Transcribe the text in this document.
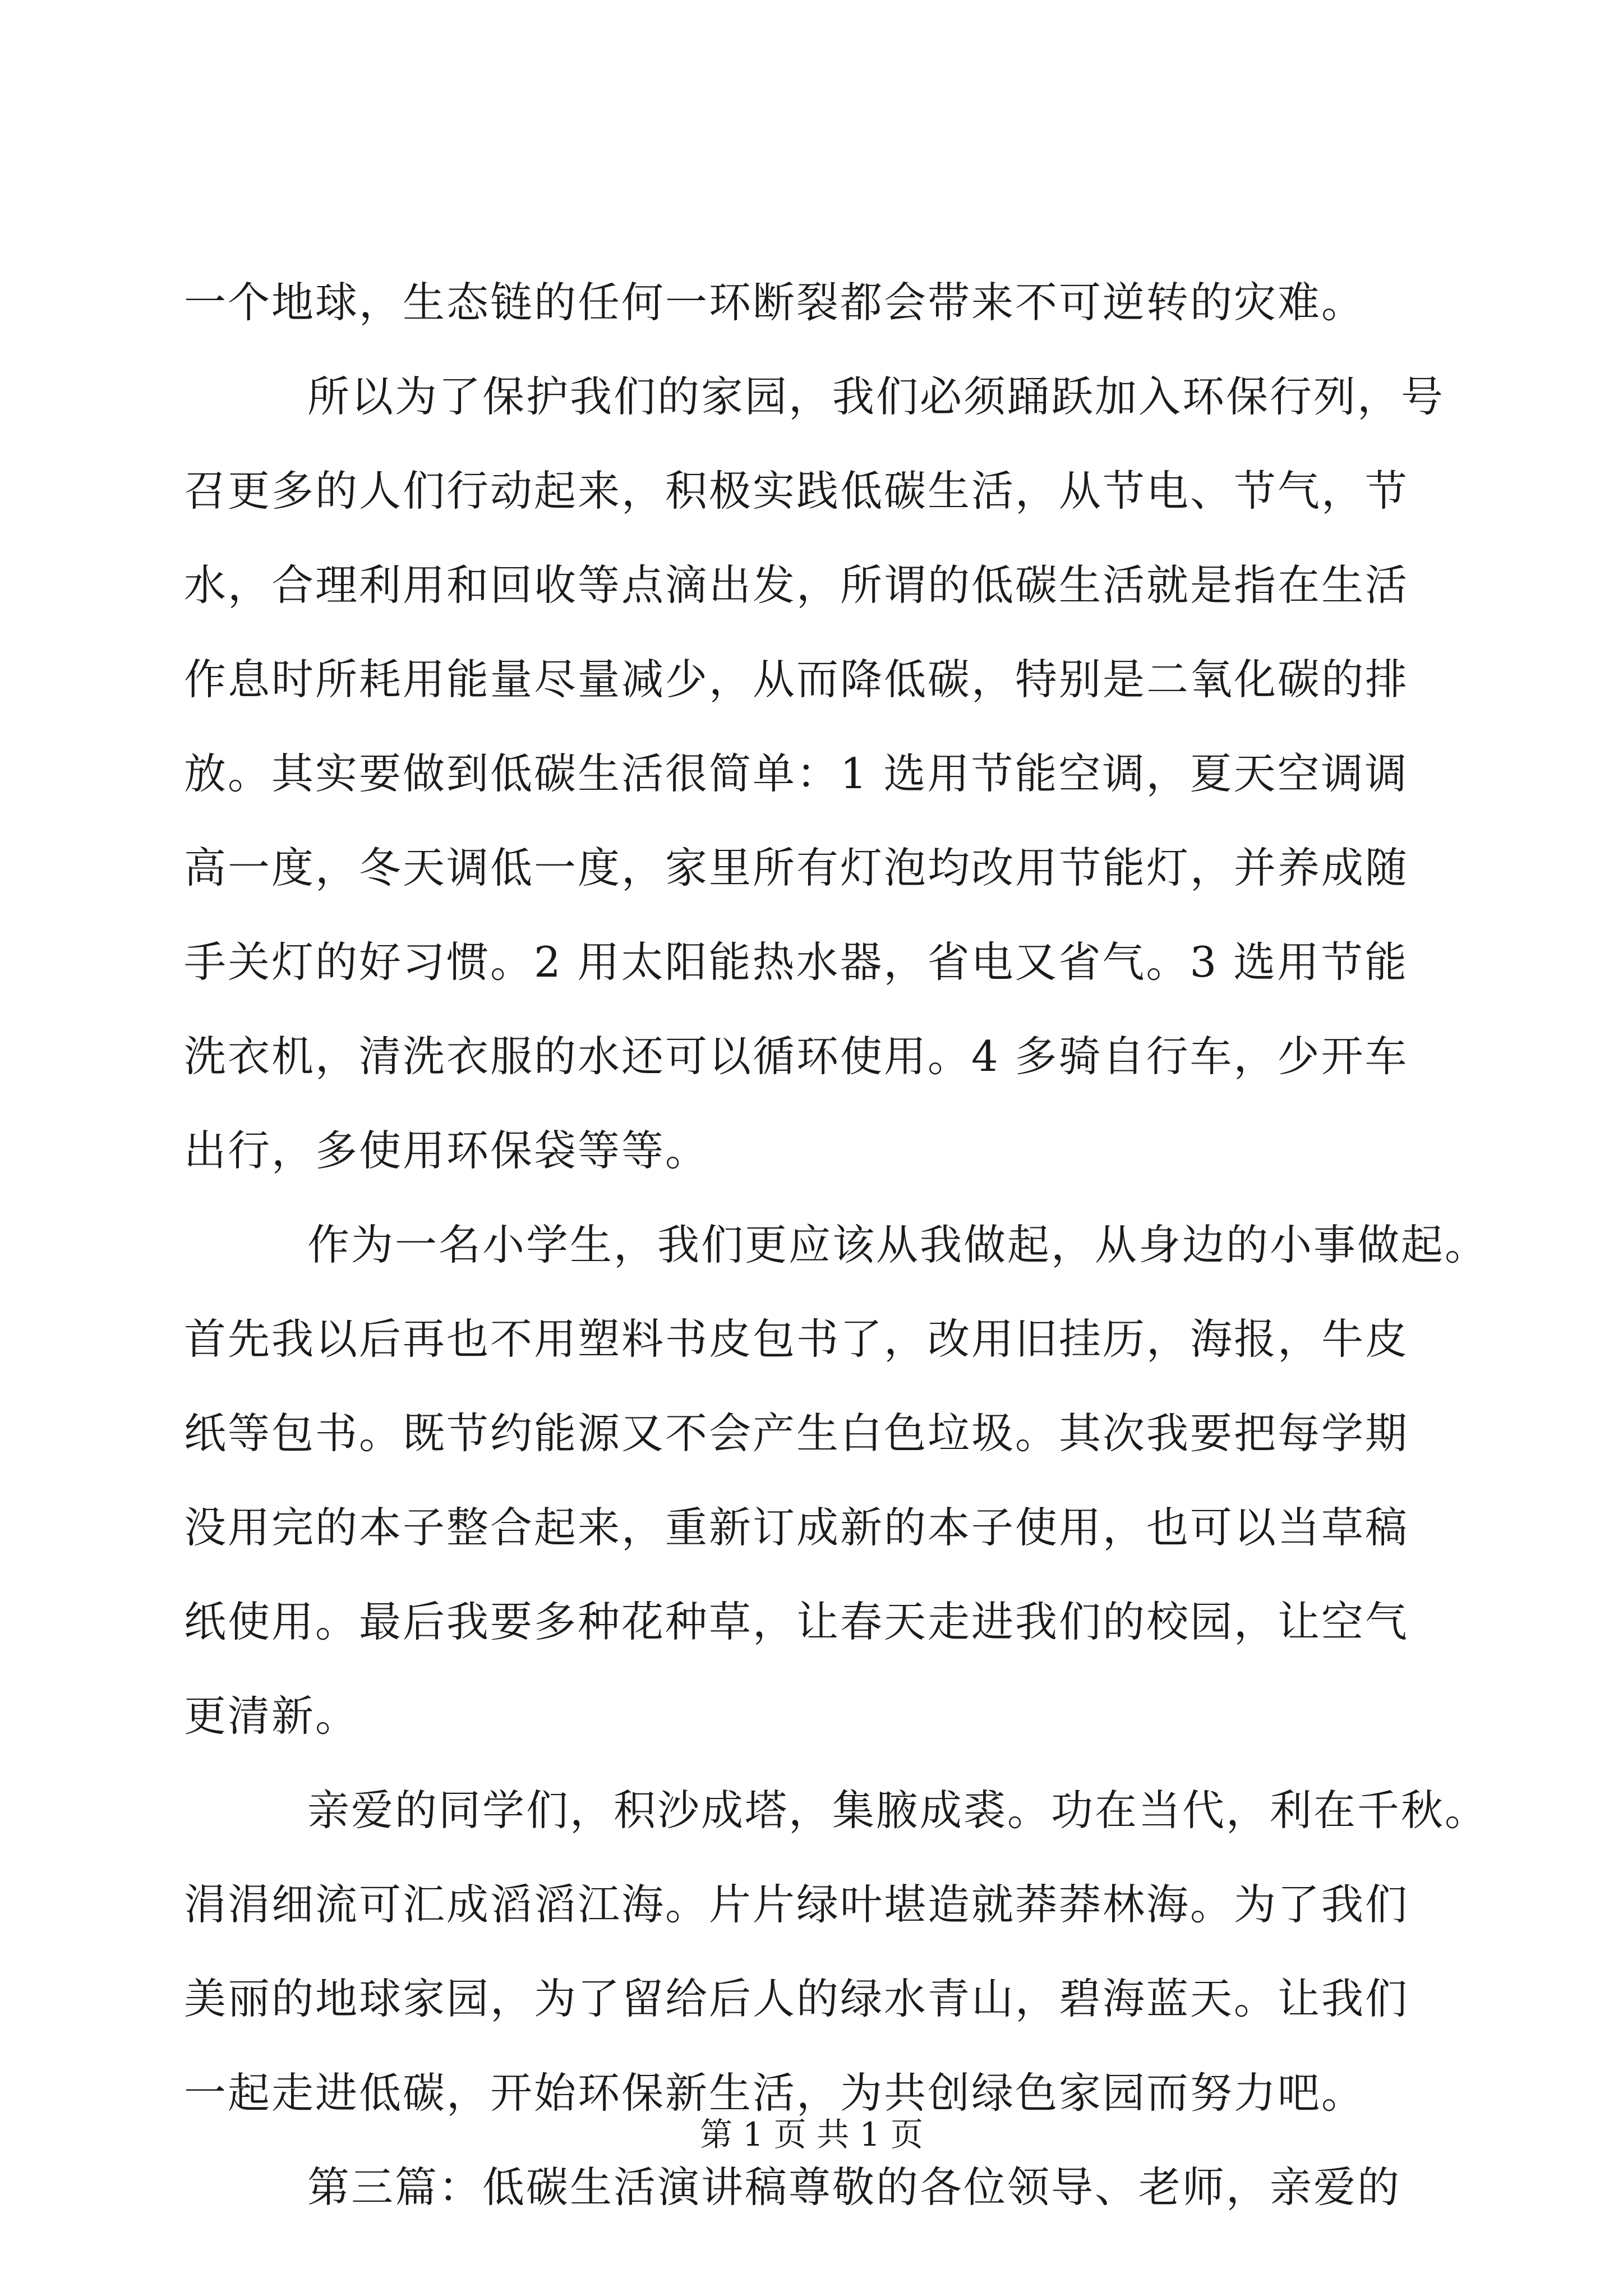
一个地球，生态链的任何一环断裂都会带来不可逆转的灾难。
所以为了保护我们的家园，我们必须踊跃加入环保行列，号
召更多的人们行动起来，积极实践低碳生活，从节电、节气，节
水，合理利用和回收等点滴出发，所谓的低碳生活就是指在生活
作息时所耗用能量尽量减少，从而降低碳，特别是二氧化碳的排
放。其实要做到低碳生活很简单：1 选用节能空调，夏天空调调
高一度，冬天调低一度，家里所有灯泡均改用节能灯，并养成随
手关灯的好习惯。2 用太阳能热水器，省电又省气。3 选用节能
洗衣机，清洗衣服的水还可以循环使用。4 多骑自行车，少开车
出行，多使用环保袋等等。
作为一名小学生，我们更应该从我做起，从身边的小事做起。
首先我以后再也不用塑料书皮包书了，改用旧挂历，海报，牛皮
纸等包书。既节约能源又不会产生白色垃圾。其次我要把每学期
没用完的本子整合起来，重新订成新的本子使用，也可以当草稿
纸使用。最后我要多种花种草，让春天走进我们的校园，让空气
更清新。
亲爱的同学们，积沙成塔，集腋成裘。功在当代，利在千秋。
涓涓细流可汇成滔滔江海。片片绿叶堪造就莽莽林海。为了我们
美丽的地球家园，为了留给后人的绿水青山，碧海蓝天。让我们
一起走进低碳，开始环保新生活，为共创绿色家园而努力吧。
第三篇：低碳生活演讲稿尊敬的各位领导、老师，亲爱的
第 1 页 共 1 页
